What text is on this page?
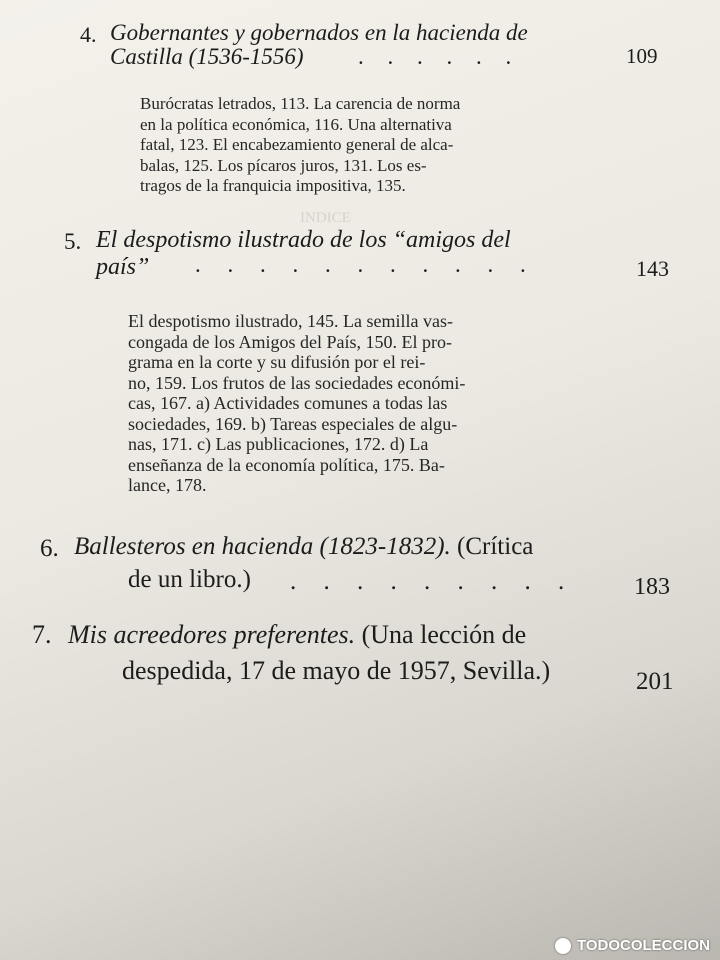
INDICE
4. Gobernantes y gobernados en la hacienda de
Castilla (1536-1556) . . . . . .	109
Burócratas letrados, 113. La carencia de norma
en la política económica, 116. Una alternativa
fatal, 123. El encabezamiento general de alca-
balas, 125. Los pícaros juros, 131. Los es-
tragos de la franquicia impositiva, 135.
5. El despotismo ilustrado de los “amigos del
país” . . . . . . . . . . .	143
El despotismo ilustrado, 145. La semilla vas-
congada de los Amigos del País, 150. El pro-
grama en la corte y su difusión por el rei-
no, 159. Los frutos de las sociedades económi-
cas, 167. a) Actividades comunes a todas las
sociedades, 169. b) Tareas especiales de algu-
nas, 171. c) Las publicaciones, 172. d) La
enseñanza de la economía política, 175. Ba-
lance, 178.
6. Ballesteros en hacienda (1823-1832). (Crítica
de un libro.) . . . . . . . . .	183
7. Mis acreedores preferentes. (Una lección de
despedida, 17 de mayo de 1957, Sevilla.)	201
TODOCOLECCION
